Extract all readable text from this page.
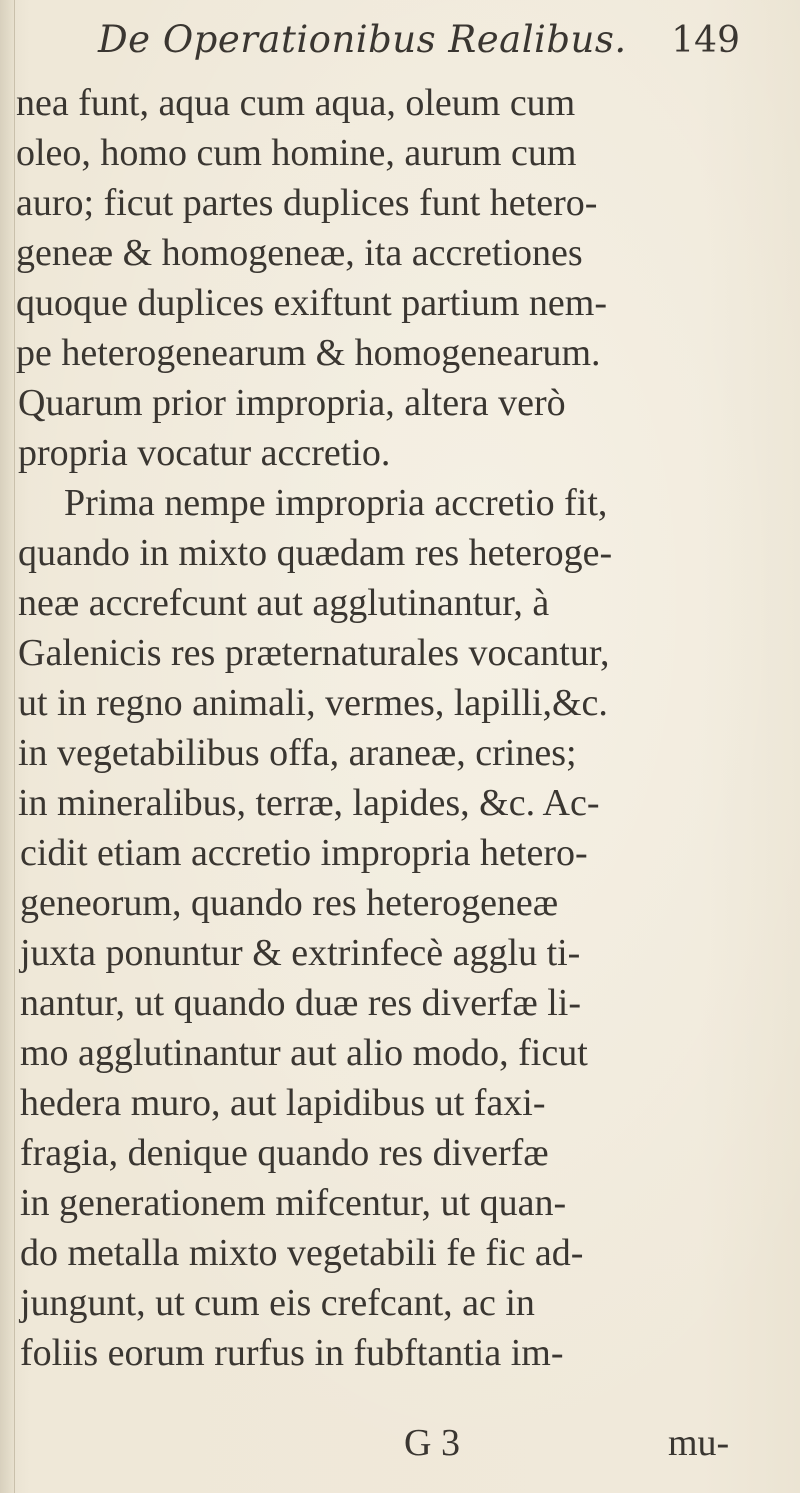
De Operationibus Realibus. 149
nea funt, aqua cum aqua, oleum cum
oleo, homo cum homine, aurum cum
auro; ficut partes duplices funt hetero-
geneæ & homogeneæ, ita accretiones
quoque duplices exiftunt partium nem-
pe heterogenearum & homogenearum.
Quarum prior impropria, altera verò
propria vocatur accretio.
Prima nempe impropria accretio fit,
quando in mixto quædam res heteroge-
neæ accrefcunt aut agglutinantur, à
Galenicis res præternaturales vocantur,
ut in regno animali, vermes, lapilli,&c.
in vegetabilibus offa, araneæ, crines;
in mineralibus, terræ, lapides, &c. Ac-
cidit etiam accretio impropria hetero-
geneorum, quando res heterogeneæ
juxta ponuntur & extrinfecè agglu ti-
nantur, ut quando duæ res diverfæ li-
mo agglutinantur aut alio modo, ficut
hedera muro, aut lapidibus ut faxi-
fragia, denique quando res diverfæ
in generationem mifcentur, ut quan-
do metalla mixto vegetabili fe fic ad-
jungunt, ut cum eis crefcant, ac in
foliis eorum rurfus in fubftantia im-
G 3	mu-
